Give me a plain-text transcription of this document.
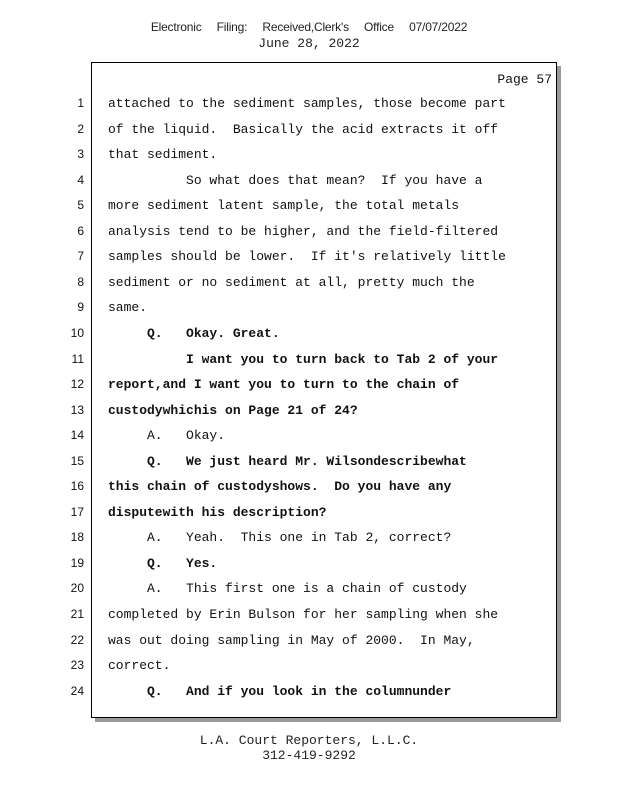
Electronic Filing: Received,Clerk's Office 07/07/2022
June 28, 2022
Page 57
1 attached to the sediment samples, those become part
2 of the liquid.  Basically the acid extracts it off
3 that sediment.
4 So what does that mean?  If you have a
5 more sediment latent sample, the total metals
6 analysis tend to be higher, and the field-filtered
7 samples should be lower.  If it's relatively little
8 sediment or no sediment at all, pretty much the
9 same.
10 Q.   Okay. Great.
11 I want you to turn back to Tab 2 of your
12 report,and I want you to turn to the chain of
13 custodywhichis on Page 21 of 24?
14 A.   Okay.
15 Q.   We just heard Mr. Wilsondescribewhat
16 this chain of custodyshows.  Do you have any
17 disputewith his description?
18 A.   Yeah.  This one in Tab 2, correct?
19 Q.   Yes.
20 A.   This first one is a chain of custody
21 completed by Erin Bulson for her sampling when she
22 was out doing sampling in May of 2000.  In May,
23 correct.
24 Q.   And if you look in the columnunder
L.A. Court Reporters, L.L.C.
312-419-9292
